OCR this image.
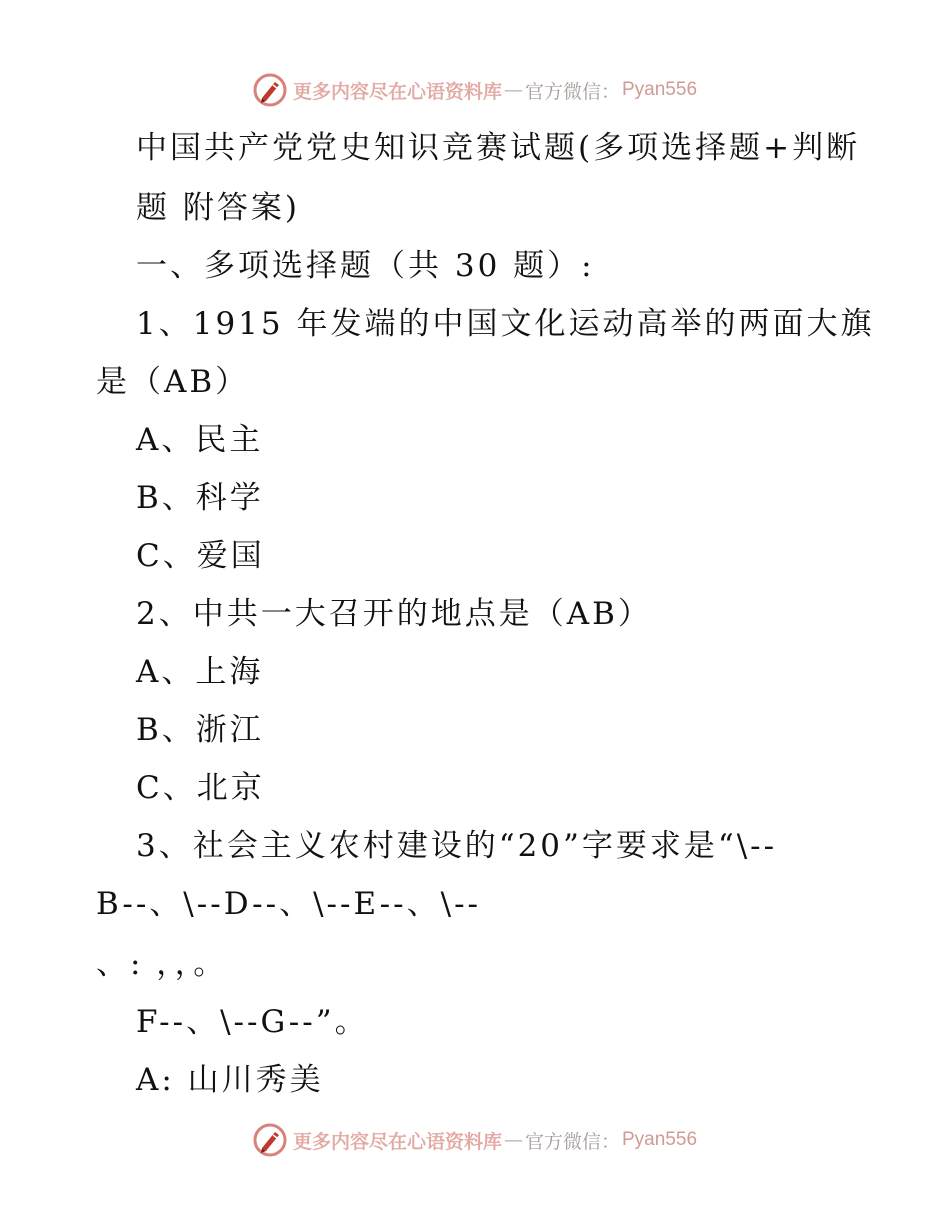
更多内容尽在心语资料库 — 官方微信： Pyan556
中国共产党党史知识竞赛试题(多项选择题+判断
题 附答案)
一、多项选择题（共 30 题）:
1、1915 年发端的中国文化运动高举的两面大旗
是（AB）
A、民主
B、科学
C、爱国
2、中共一大召开的地点是（AB）
A、上海
B、浙江
C、北京
3、社会主义农村建设的“20”字要求是“\--
B--、\--D--、\--E--、\--
、: ，，。
F--、\--G--”。
A: 山川秀美
更多内容尽在心语资料库 — 官方微信： Pyan556
